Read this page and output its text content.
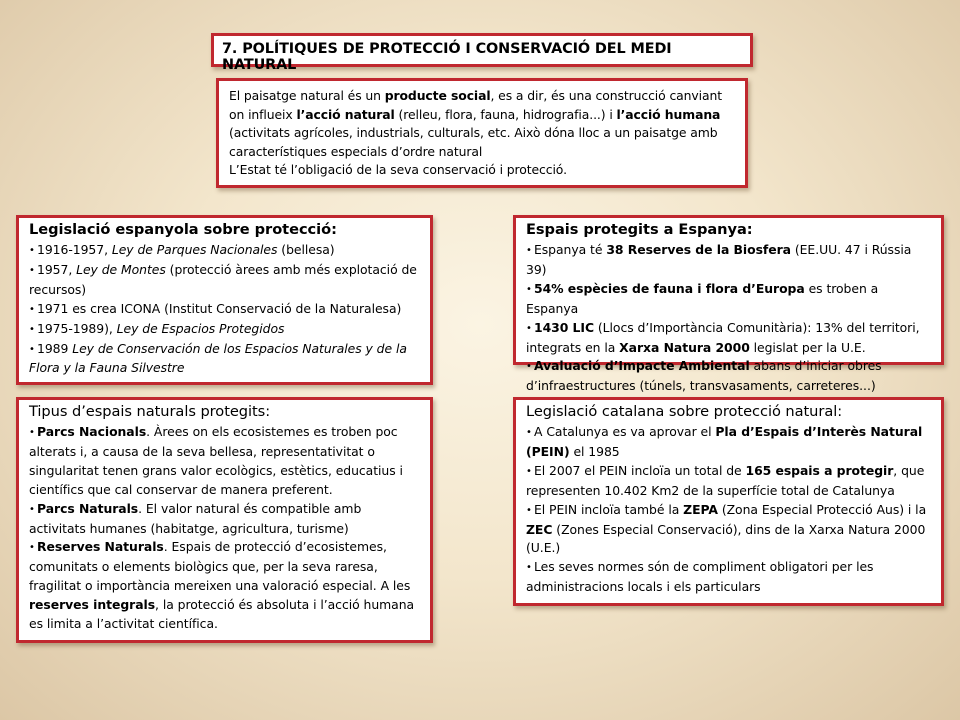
7. POLÍTIQUES DE PROTECCIÓ I CONSERVACIÓ DEL MEDI NATURAL
El paisatge natural és un producte social, es a dir, és una construcció canviant on influeix l’acció natural (relleu, flora, fauna, hidrografia...) i l’acció humana (activitats agrícoles, industrials, culturals, etc. Això dóna lloc a un paisatge amb característiques especials d’ordre natural
L’Estat té l’obligació de la seva conservació i protecció.
Legislació espanyola sobre protecció:
• 1916-1957, Ley de Parques Nacionales (bellesa)
• 1957, Ley de Montes (protecció àrees amb més explotació de recursos)
• 1971 es crea ICONA (Institut Conservació de la Naturalesa)
• 1975-1989), Ley de Espacios Protegidos
• 1989 Ley de Conservación de los Espacios Naturales y de la Flora y la Fauna Silvestre
Espais protegits a Espanya:
• Espanya té 38 Reserves de la Biosfera (EE.UU. 47 i Rússia 39)
• 54% espècies de fauna i flora d’Europa es troben a Espanya
• 1430 LIC (Llocs d’Importància Comunitària): 13% del territori, integrats en la Xarxa Natura 2000 legislat per la U.E.
• Avaluació d’Impacte Ambiental abans d’iniciar obres d’infraestructures (túnels, transvasaments, carreteres...)
Tipus d’espais naturals protegits:
• Parcs Nacionals. Àrees on els ecosistemes es troben poc alterats i, a causa de la seva bellesa, representativitat o singularitat tenen grans valor ecològics, estètics, educatius i científics que cal conservar de manera preferent.
• Parcs Naturals. El valor natural és compatible amb activitats humanes (habitatge, agricultura, turisme)
• Reserves Naturals. Espais de protecció d’ecosistemes, comunitats o elements biològics que, per la seva raresa, fragilitat o importància mereixen una valoració especial. A les reserves integrals, la protecció és absoluta i l’acció humana es limita a l’activitat científica.
Legislació catalana sobre protecció natural:
• A Catalunya es va aprovar el Pla d’Espais d’Interès Natural (PEIN) el 1985
• El 2007 el PEIN incloïa un total de 165 espais a protegir, que representen 10.402 Km2 de la superfície total de Catalunya
• El PEIN incloïa també la ZEPA (Zona Especial Protecció Aus) i la ZEC (Zones Especial Conservació), dins de la Xarxa Natura 2000 (U.E.)
• Les seves normes són de compliment obligatori per les administracions locals i els particulars
